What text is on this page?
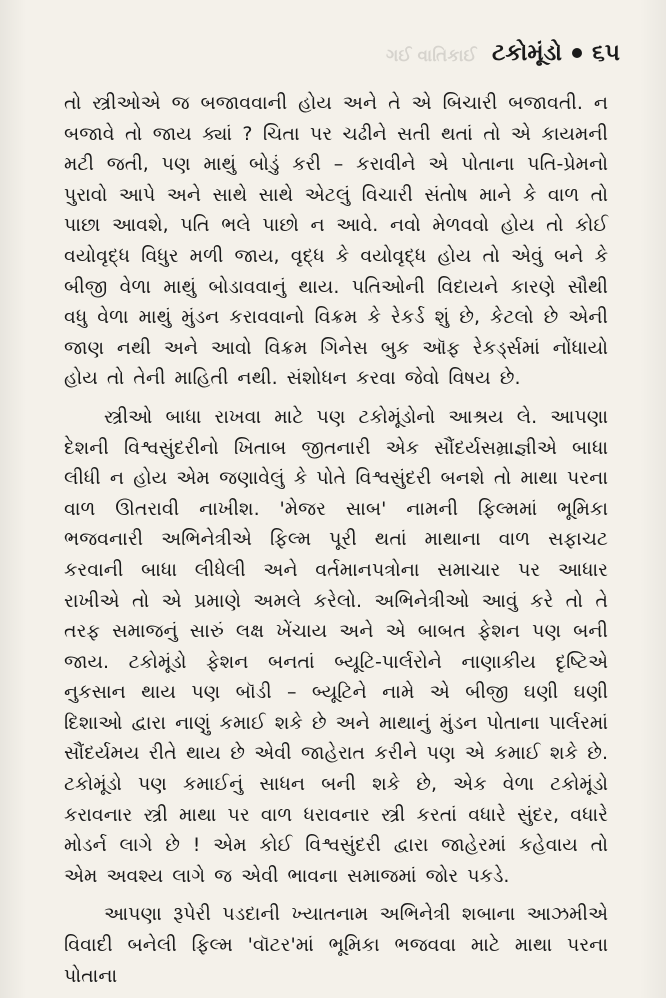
ગઈ વાતિકાઈ ટકોમૂંડો ૬૫

તો સ્ત્રીઓએ જ બજાવવાની હોય અને તે એ બિચારી બજાવતી. ન બજાવે તો જાય ક્યાં ? ચિતા પર ચઢીને સતી થતાં તો એ કાયમની મટી જતી, પણ માથું બોડું કરી – કરાવીને એ પોતાના પતિ-પ્રેમનો પુરાવો આપે અને સાથે સાથે એટલું વિચારી સંતોષ માને કે વાળ તો પાછા આવશે, પતિ ભલે પાછો ન આવે. નવો મેળવવો હોય તો કોઈ વયોવૃદ્ધ વિધુર મળી જાય, વૃદ્ધ કે વયોવૃદ્ધ હોય તો એવું બને કે બીજી વેળા માથું બોડાવવાનું થાય. પતિઓની વિદાયને કારણે સૌથી વધુ વેળા માથું મુંડન કરાવવાનો વિક્રમ કે રેકર્ડ શું છે, કેટલો છે એની જાણ નથી અને આવો વિક્રમ ગિનેસ બુક ઑફ રેકર્ડ્સમાં નોંધાયો હોય તો તેની માહિતી નથી. સંશોધન કરવા જેવો વિષય છે.

સ્ત્રીઓ બાધા રાખવા માટે પણ ટકોમૂંડોનો આશ્રય લે. આપણા દેશની વિશ્વસુંદરીનો ખિતાબ જીતનારી એક સૌંદર્યસમ્રાજ્ઞીએ બાધા લીધી ન હોય એમ જણાવેલું કે પોતે વિશ્વસુંદરી બનશે તો માથા પરના વાળ ઊતરાવી નાખીશ. 'મેજર સાબ' નામની ફિલ્મમાં ભૂમિકા ભજવનારી અભિનેત્રીએ ફિલ્મ પૂરી થતાં માથાના વાળ સફાચટ કરવાની બાધા લીધેલી અને વર્તમાનપત્રોના સમાચાર પર આધાર રાખીએ તો એ પ્રમાણે અમલે કરેલો. અભિનેત્રીઓ આવું કરે તો તે તરફ સમાજનું સારું લક્ષ ખેંચાય અને એ બાબત ફેશન પણ બની જાય. ટકોમૂંડો ફેશન બનતાં બ્યૂટિ-પાર્લરોને નાણાકીય દૃષ્ટિએ નુકસાન થાય પણ બૉડી – બ્યૂટિને નામે એ બીજી ઘણી ઘણી દિશાઓ દ્વારા નાણું કમાઈ શકે છે અને માથાનું મુંડન પોતાના પાર્લરમાં સૌંદર્યમય રીતે થાય છે એવી જાહેરાત કરીને પણ એ કમાઈ શકે છે. ટકોમૂંડો પણ કમાઈનું સાધન બની શકે છે, એક વેળા ટકોમૂંડો કરાવનાર સ્ત્રી માથા પર વાળ ધરાવનાર સ્ત્રી કરતાં વધારે સુંદર, વધારે મોડર્ન લાગે છે ! એમ કોઈ વિશ્વસુંદરી દ્વારા જાહેરમાં કહેવાય તો એમ અવશ્ય લાગે જ એવી ભાવના સમાજમાં જોર પકડે.

આપણા રૂપેરી પડદાની ખ્યાતનામ અભિનેત્રી શબાના આઝમીએ વિવાદી બનેલી ફિલ્મ 'વૉટર'માં ભૂમિકા ભજવવા માટે માથા પરના પોતાના
